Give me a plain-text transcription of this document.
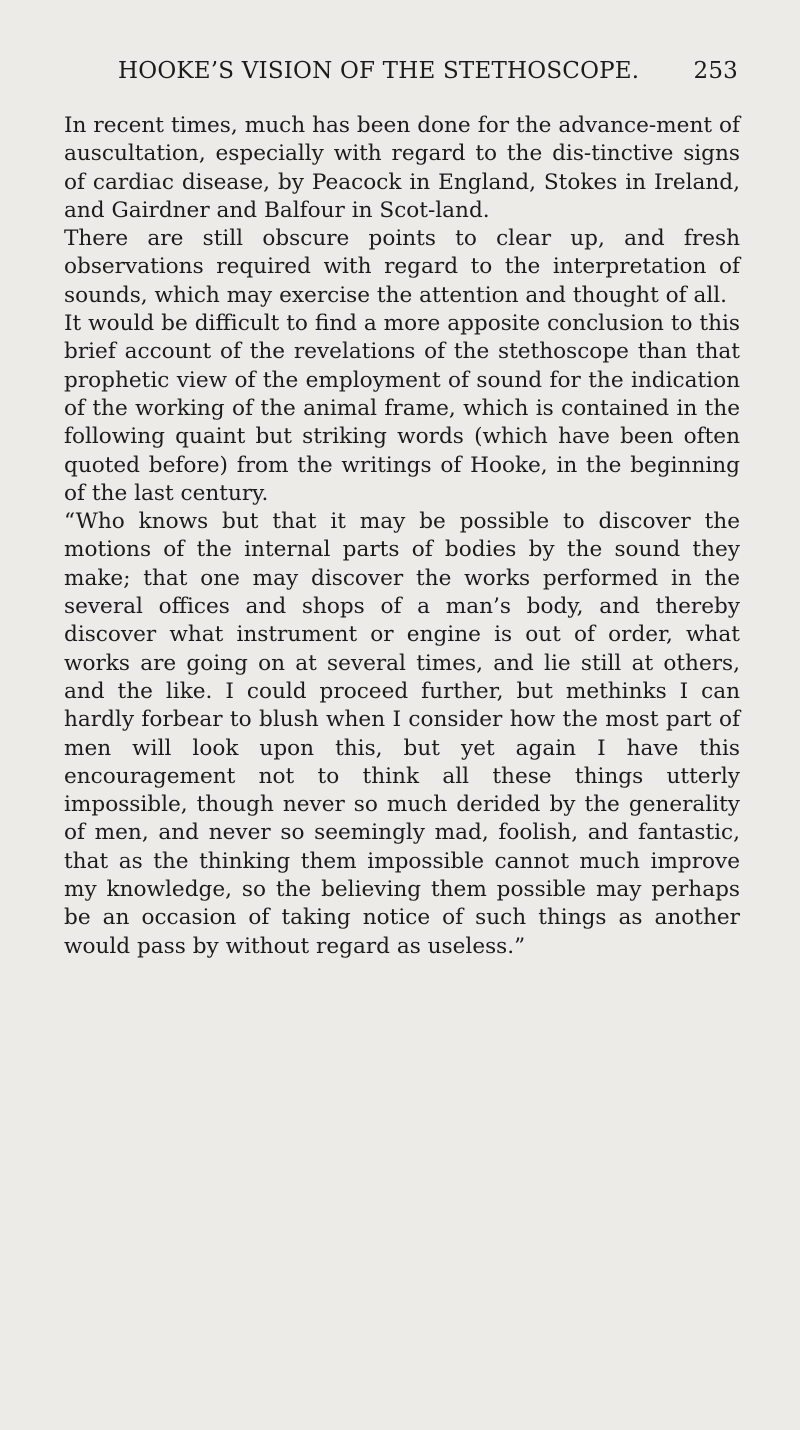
HOOKE’S VISION OF THE STETHOSCOPE. 253

In recent times, much has been done for the advance-ment of auscultation, especially with regard to the dis-tinctive signs of cardiac disease, by Peacock in England, Stokes in Ireland, and Gairdner and Balfour in Scot-land.

There are still obscure points to clear up, and fresh observations required with regard to the interpretation of sounds, which may exercise the attention and thought of all.

It would be difficult to find a more apposite conclusion to this brief account of the revelations of the stethoscope than that prophetic view of the employment of sound for the indication of the working of the animal frame, which is contained in the following quaint but striking words (which have been often quoted before) from the writings of Hooke, in the beginning of the last century.

“Who knows but that it may be possible to discover the motions of the internal parts of bodies by the sound they make; that one may discover the works performed in the several offices and shops of a man’s body, and thereby discover what instrument or engine is out of order, what works are going on at several times, and lie still at others, and the like. I could proceed further, but methinks I can hardly forbear to blush when I consider how the most part of men will look upon this, but yet again I have this encouragement not to think all these things utterly impossible, though never so much derided by the generality of men, and never so seemingly mad, foolish, and fantastic, that as the thinking them impossible cannot much improve my knowledge, so the believing them possible may perhaps be an occasion of taking notice of such things as another would pass by without regard as useless.”
